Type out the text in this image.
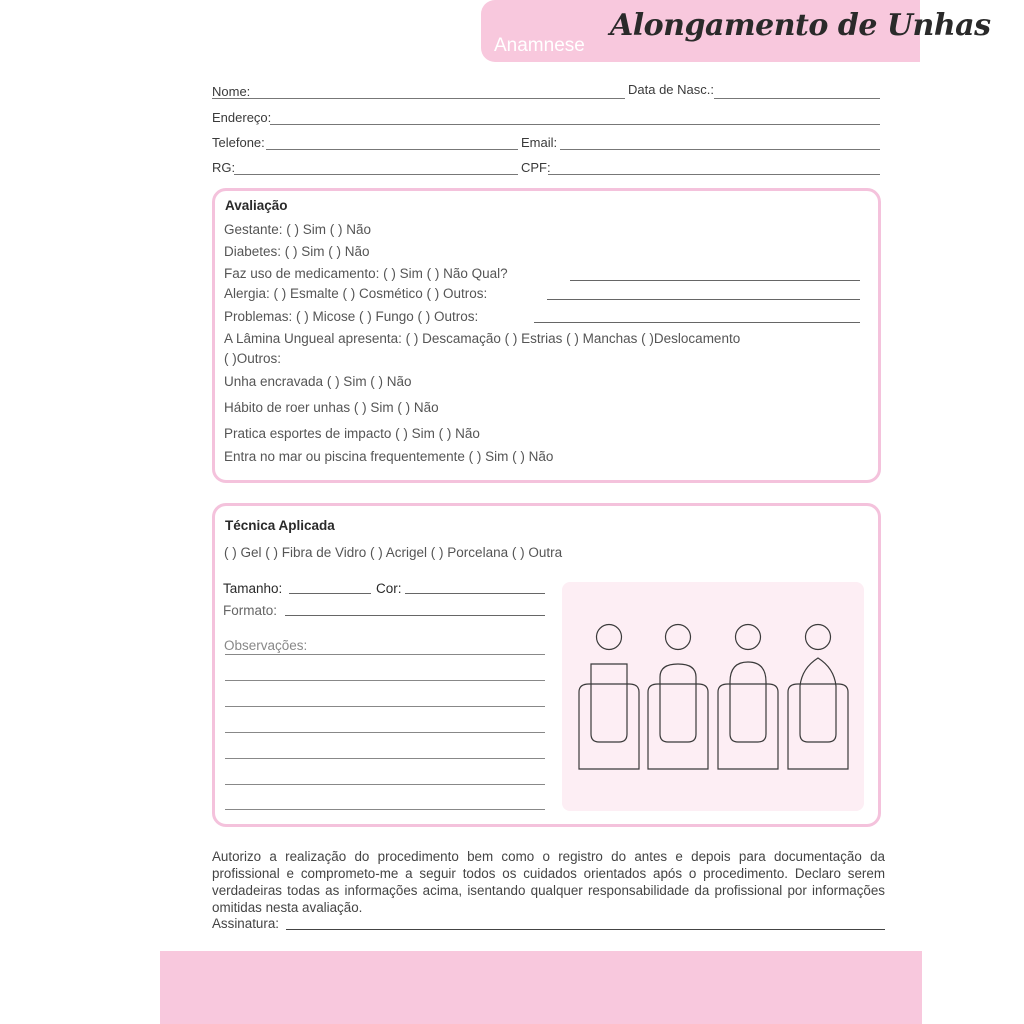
Anamnese
Alongamento de Unhas
Nome:	Data de Nasc.:
Endereço:
Telefone:	Email:
RG:	CPF:
Avaliação
Gestante: ( ) Sim ( ) Não
Diabetes: ( ) Sim ( ) Não
Faz uso de medicamento: ( ) Sim ( ) Não Qual?
Alergia: ( ) Esmalte ( ) Cosmético ( ) Outros:
Problemas: ( ) Micose ( ) Fungo ( ) Outros:
A Lâmina Ungueal apresenta: ( ) Descamação ( ) Estrias ( ) Manchas ( )Deslocamento
( )Outros:
Unha encravada ( ) Sim ( ) Não
Hábito de roer unhas ( ) Sim ( ) Não
Pratica esportes de impacto ( ) Sim ( ) Não
Entra no mar ou piscina frequentemente ( ) Sim ( ) Não
Técnica Aplicada
( ) Gel ( ) Fibra de Vidro ( ) Acrigel ( ) Porcelana ( ) Outra
Tamanho:	Cor:
Formato:
Observações:
Autorizo a realização do procedimento bem como o registro do antes e depois para documentação da profissional e comprometo-me a seguir todos os cuidados orientados após o procedimento. Declaro serem verdadeiras todas as informações acima, isentando qualquer responsabilidade da profissional por informações omitidas nesta avaliação.
Assinatura:
